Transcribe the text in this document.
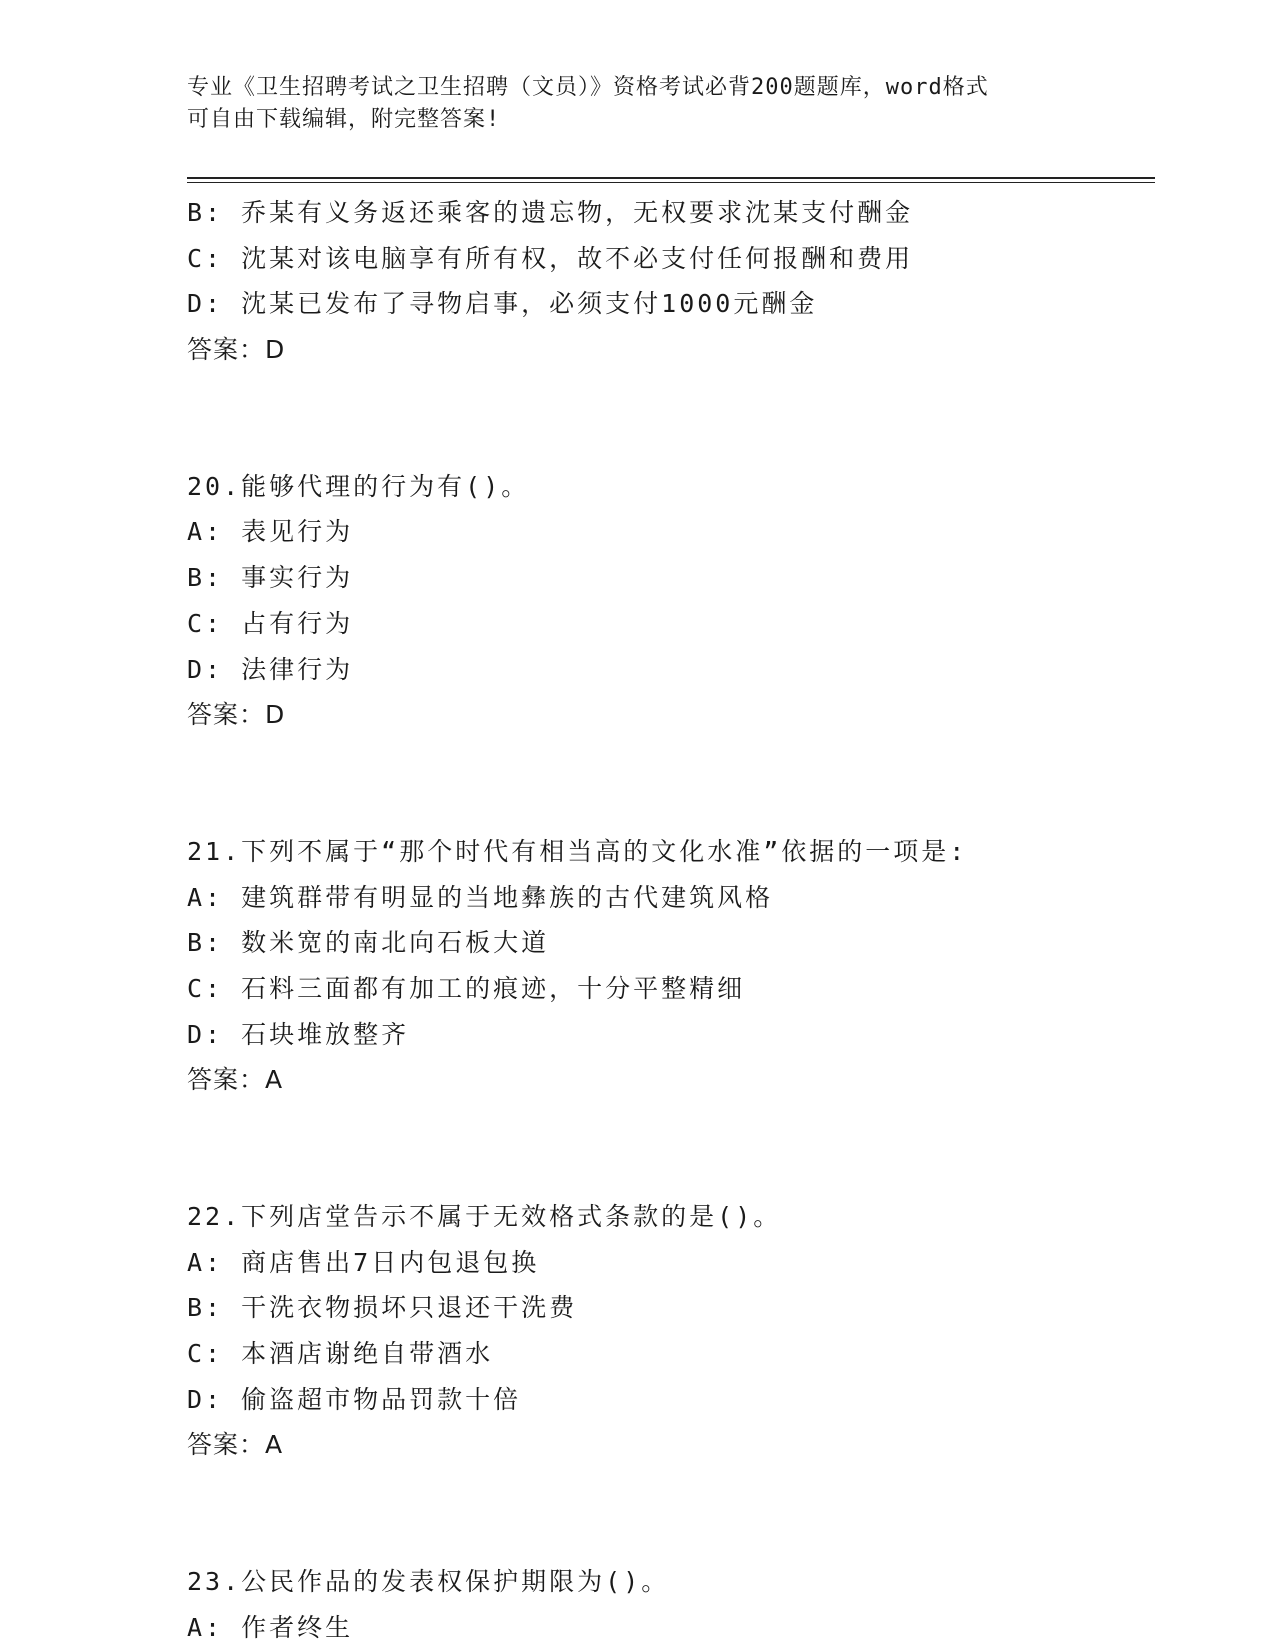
专业《卫生招聘考试之卫生招聘（文员）》资格考试必背200题题库，word格式
可自由下载编辑，附完整答案!
B: 乔某有义务返还乘客的遗忘物，无权要求沈某支付酬金
C: 沈某对该电脑享有所有权，故不必支付任何报酬和费用
D: 沈某已发布了寻物启事，必须支付1000元酬金
答案：D
20.能够代理的行为有()。
A: 表见行为
B: 事实行为
C: 占有行为
D: 法律行为
答案：D
21.下列不属于“那个时代有相当高的文化水准”依据的一项是:
A: 建筑群带有明显的当地彝族的古代建筑风格
B: 数米宽的南北向石板大道
C: 石料三面都有加工的痕迹，十分平整精细
D: 石块堆放整齐
答案：A
22.下列店堂告示不属于无效格式条款的是()。
A: 商店售出7日内包退包换
B: 干洗衣物损坏只退还干洗费
C: 本酒店谢绝自带酒水
D: 偷盗超市物品罚款十倍
答案：A
23.公民作品的发表权保护期限为()。
A: 作者终生
